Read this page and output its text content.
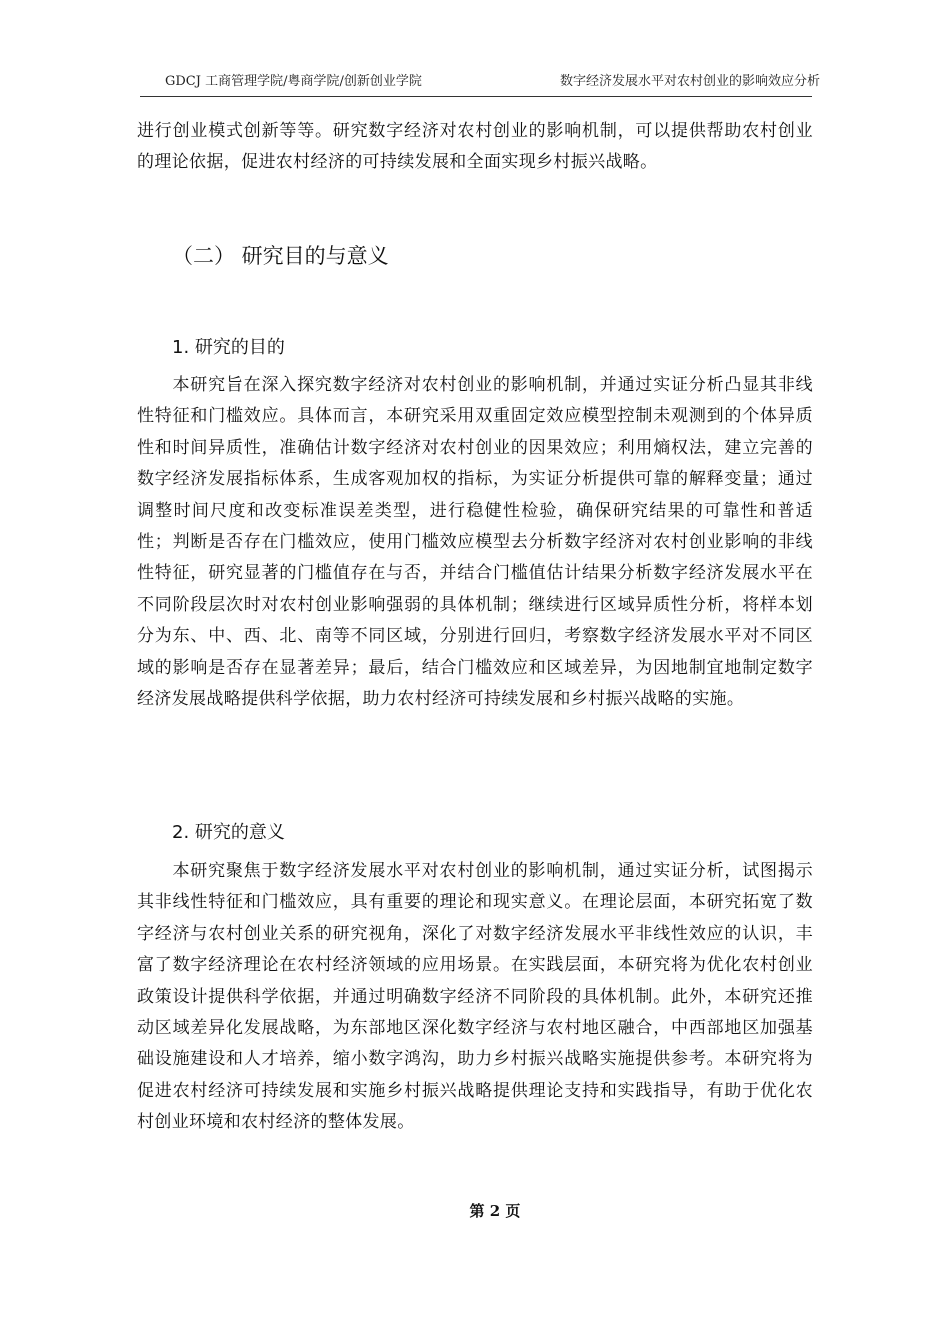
GDCJ 工商管理学院/粤商学院/创新创业学院	数字经济发展水平对农村创业的影响效应分析

进行创业模式创新等等。研究数字经济对农村创业的影响机制，可以提供帮助农村创业的理论依据，促进农村经济的可持续发展和全面实现乡村振兴战略。

（二） 研究目的与意义
1. 研究的目的

本研究旨在深入探究数字经济对农村创业的影响机制，并通过实证分析凸显其非线性特征和门槛效应。具体而言，本研究采用双重固定效应模型控制未观测到的个体异质性和时间异质性，准确估计数字经济对农村创业的因果效应；利用熵权法，建立完善的数字经济发展指标体系，生成客观加权的指标，为实证分析提供可靠的解释变量；通过调整时间尺度和改变标准误差类型，进行稳健性检验，确保研究结果的可靠性和普适性；判断是否存在门槛效应，使用门槛效应模型去分析数字经济对农村创业影响的非线性特征，研究显著的门槛值存在与否，并结合门槛值估计结果分析数字经济发展水平在不同阶段层次时对农村创业影响强弱的具体机制；继续进行区域异质性分析，将样本划分为东、中、西、北、南等不同区域，分别进行回归，考察数字经济发展水平对不同区域的影响是否存在显著差异；最后，结合门槛效应和区域差异，为因地制宜地制定数字经济发展战略提供科学依据，助力农村经济可持续发展和乡村振兴战略的实施。

2. 研究的意义

本研究聚焦于数字经济发展水平对农村创业的影响机制，通过实证分析，试图揭示其非线性特征和门槛效应，具有重要的理论和现实意义。在理论层面，本研究拓宽了数字经济与农村创业关系的研究视角，深化了对数字经济发展水平非线性效应的认识，丰富了数字经济理论在农村经济领域的应用场景。在实践层面，本研究将为优化农村创业政策设计提供科学依据，并通过明确数字经济不同阶段的具体机制。此外，本研究还推动区域差异化发展战略，为东部地区深化数字经济与农村地区融合，中西部地区加强基础设施建设和人才培养，缩小数字鸿沟，助力乡村振兴战略实施提供参考。本研究将为促进农村经济可持续发展和实施乡村振兴战略提供理论支持和实践指导，有助于优化农村创业环境和农村经济的整体发展。

第 2 页
